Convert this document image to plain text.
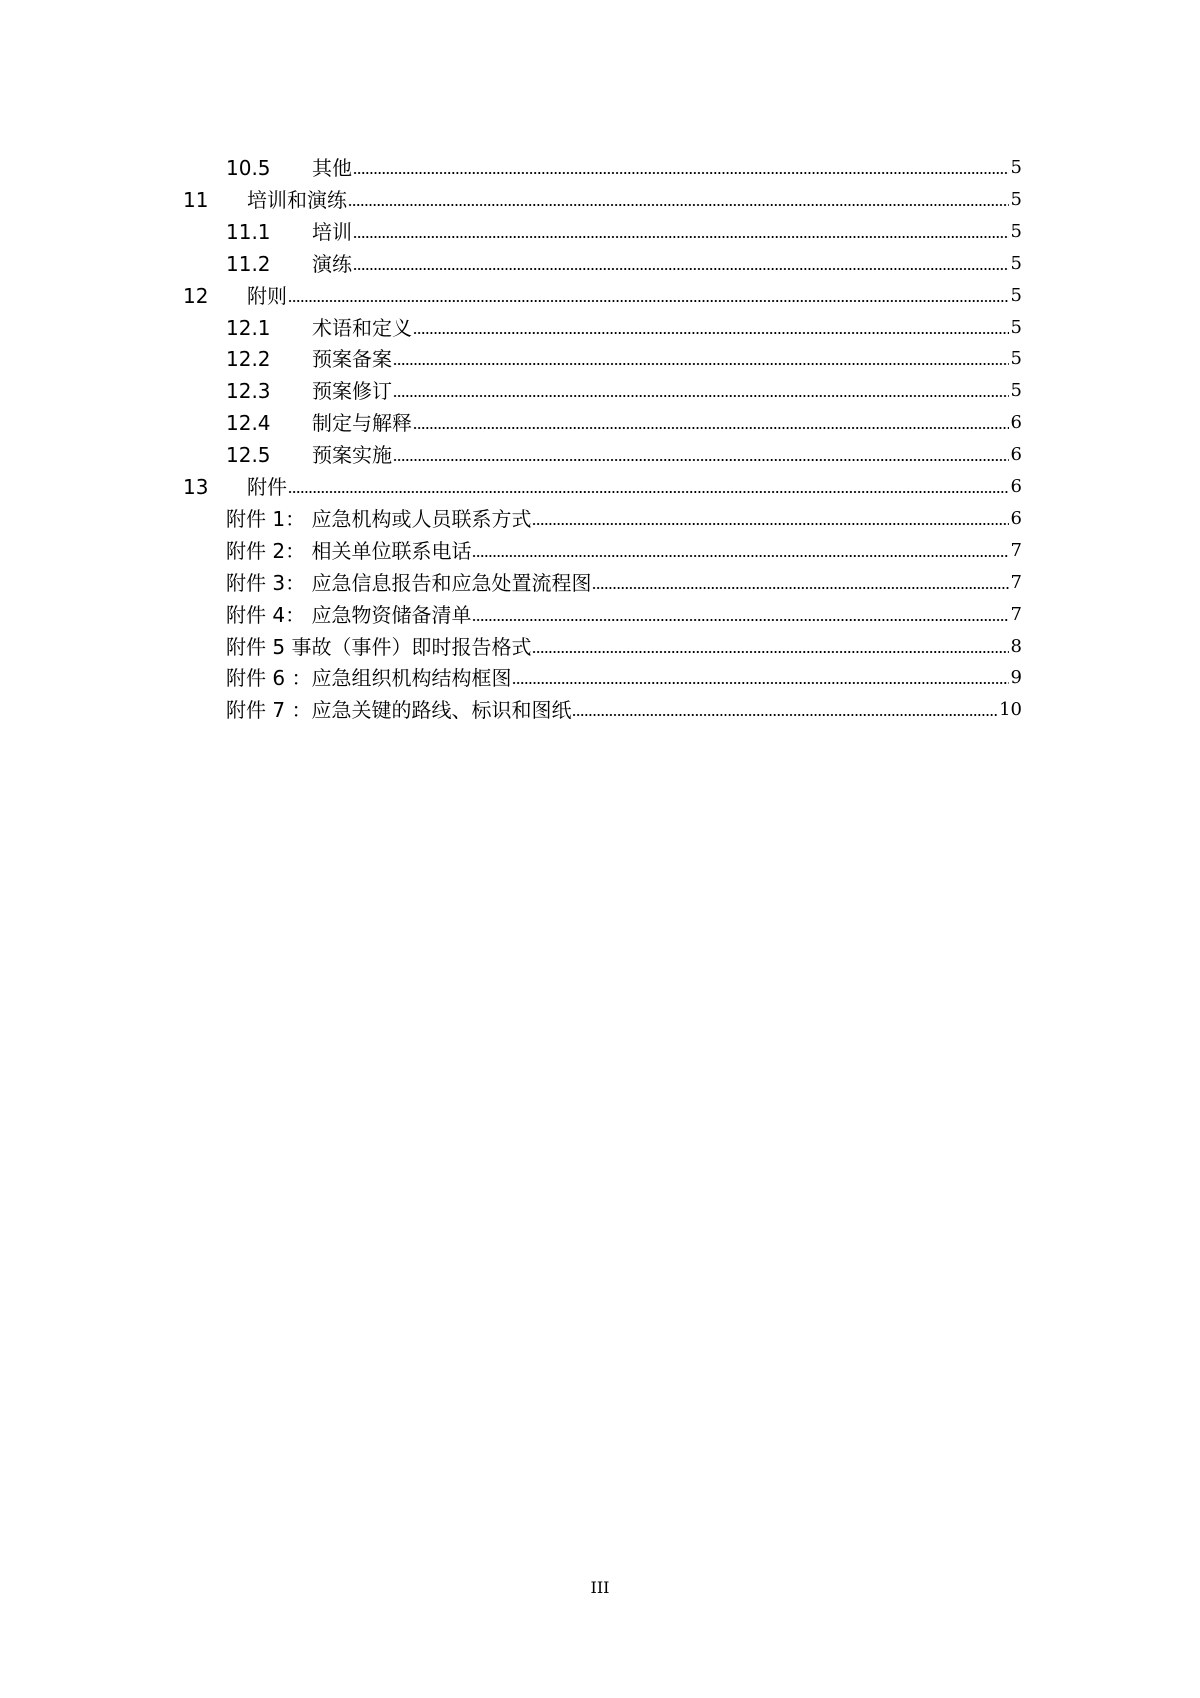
10.5	其他	5
11	培训和演练	5
11.1	培训	5
11.2	演练	5
12	附则	5
12.1	术语和定义	5
12.2	预案备案	5
12.3	预案修订	5
12.4	制定与解释	6
12.5	预案实施	6
13	附件	6
附件 1： 应急机构或人员联系方式	6
附件 2： 相关单位联系电话	7
附件 3： 应急信息报告和应急处置流程图	7
附件 4： 应急物资储备清单	7
附件 5 事故（事件）即时报告格式	8
附件 6 ：应急组织机构结构框图	9
附件 7 ：应急关键的路线、标识和图纸	10
III
